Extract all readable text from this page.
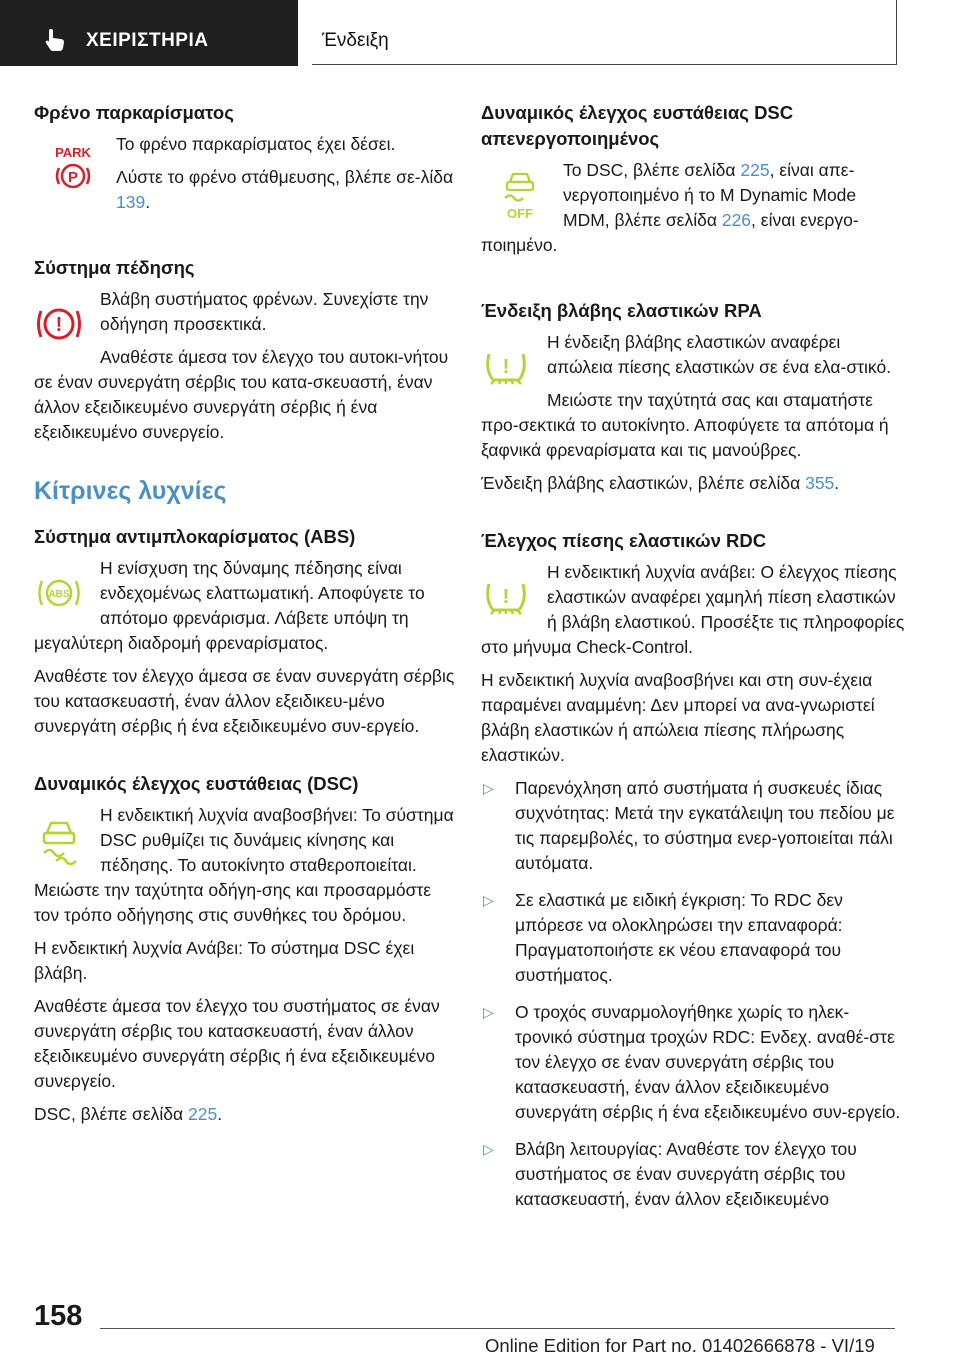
ΧΕΙΡΙΣΤΗΡΙΑ	Ένδειξη
Φρένο παρκαρίσματος
PARK
P

Το φρένο παρκαρίσματος έχει δέσει.

Λύστε το φρένο στάθμευσης, βλέπε σε-λίδα 139.

Σύστημα πέδησης
!

Βλάβη συστήματος φρένων. Συνεχίστε την οδήγηση προσεκτικά.

Αναθέστε άμεσα τον έλεγχο του αυτοκι-νήτου σε έναν συνεργάτη σέρβις του κατα-σκευαστή, έναν άλλον εξειδικευμένο συνεργάτη σέρβις ή ένα εξειδικευμένο συνεργείο.

Κίτρινες λυχνίες
Σύστημα αντιμπλοκαρίσματος (ABS)
ABS

Η ενίσχυση της δύναμης πέδησης είναι ενδεχομένως ελαττωματική. Αποφύγετε το απότομο φρενάρισμα. Λάβετε υπόψη τη μεγαλύτερη διαδρομή φρεναρίσματος.

Αναθέστε τον έλεγχο άμεσα σε έναν συνεργάτη σέρβις του κατασκευαστή, έναν άλλον εξειδικευ-μένο συνεργάτη σέρβις ή ένα εξειδικευμένο συν-εργείο.

Δυναμικός έλεγχος ευστάθειας (DSC)

Η ενδεικτική λυχνία αναβοσβήνει: Το σύστημα DSC ρυθμίζει τις δυνάμεις κίνησης και πέδησης. Το αυτοκίνητο σταθεροποιείται. Μειώστε την ταχύτητα οδήγη-σης και προσαρμόστε τον τρόπο οδήγησης στις συνθήκες του δρόμου.

Η ενδεικτική λυχνία Ανάβει: Το σύστημα DSC έχει βλάβη.

Αναθέστε άμεσα τον έλεγχο του συστήματος σε έναν συνεργάτη σέρβις του κατασκευαστή, έναν άλλον εξειδικευμένο συνεργάτη σέρβις ή ένα εξειδικευμένο συνεργείο.

DSC, βλέπε σελίδα 225.

Δυναμικός έλεγχος ευστάθειας DSC απενεργοποιημένος
OFF

Το DSC, βλέπε σελίδα 225, είναι απε-νεργοποιημένο ή το M Dynamic Mode MDM, βλέπε σελίδα 226, είναι ενεργο-ποιημένο.

Ένδειξη βλάβης ελαστικών RPA
!

Η ένδειξη βλάβης ελαστικών αναφέρει απώλεια πίεσης ελαστικών σε ένα ελα-στικό.

Μειώστε την ταχύτητά σας και σταματήστε προ-σεκτικά το αυτοκίνητο. Αποφύγετε τα απότομα ή ξαφνικά φρεναρίσματα και τις μανούβρες.

Ένδειξη βλάβης ελαστικών, βλέπε σελίδα 355.

Έλεγχος πίεσης ελαστικών RDC
!

Η ενδεικτική λυχνία ανάβει: Ο έλεγχος πίεσης ελαστικών αναφέρει χαμηλή πίεση ελαστικών ή βλάβη ελαστικού. Προσέξτε τις πληροφορίες στο μήνυμα Check-Control.

Η ενδεικτική λυχνία αναβοσβήνει και στη συν-έχεια παραμένει αναμμένη: Δεν μπορεί να ανα-γνωριστεί βλάβη ελαστικών ή απώλεια πίεσης πλήρωσης ελαστικών.

▷ Παρενόχληση από συστήματα ή συσκευές ίδιας συχνότητας: Μετά την εγκατάλειψη του πεδίου με τις παρεμβολές, το σύστημα ενερ-γοποιείται πάλι αυτόματα.
▷ Σε ελαστικά με ειδική έγκριση: Το RDC δεν μπόρεσε να ολοκληρώσει την επαναφορά: Πραγματοποιήστε εκ νέου επαναφορά του συστήματος.
▷ Ο τροχός συναρμολογήθηκε χωρίς το ηλεκ-τρονικό σύστημα τροχών RDC: Ενδεχ. αναθέ-στε τον έλεγχο σε έναν συνεργάτη σέρβις του κατασκευαστή, έναν άλλον εξειδικευμένο συνεργάτη σέρβις ή ένα εξειδικευμένο συν-εργείο.
▷ Βλάβη λειτουργίας: Αναθέστε τον έλεγχο του συστήματος σε έναν συνεργάτη σέρβις του κατασκευαστή, έναν άλλον εξειδικευμένο
158
Online Edition for Part no. 01402666878 - VI/19
